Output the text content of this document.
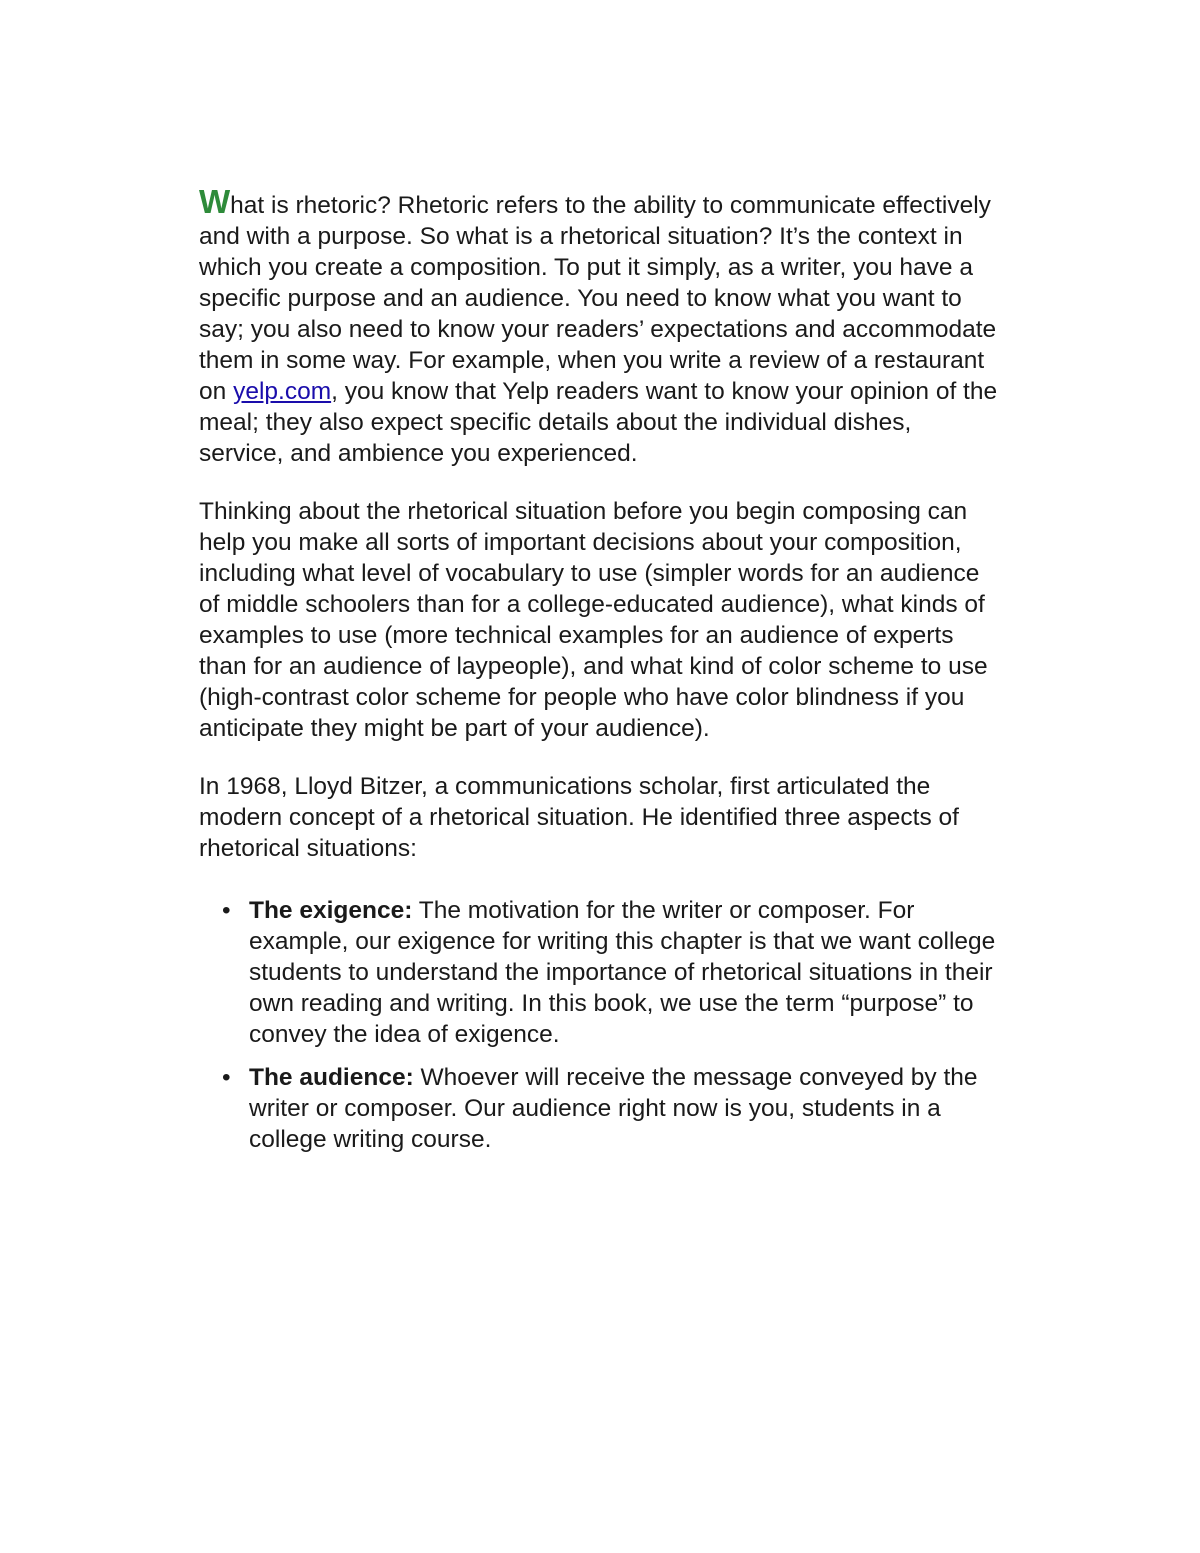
What is rhetoric? Rhetoric refers to the ability to communicate effectively and with a purpose. So what is a rhetorical situation? It’s the context in which you create a composition. To put it simply, as a writer, you have a specific purpose and an audience. You need to know what you want to say; you also need to know your readers’ expectations and accommodate them in some way. For example, when you write a review of a restaurant on yelp.com, you know that Yelp readers want to know your opinion of the meal; they also expect specific details about the individual dishes, service, and ambience you experienced.

Thinking about the rhetorical situation before you begin composing can help you make all sorts of important decisions about your composition, including what level of vocabulary to use (simpler words for an audience of middle schoolers than for a college-educated audience), what kinds of examples to use (more technical examples for an audience of experts than for an audience of laypeople), and what kind of color scheme to use (high-contrast color scheme for people who have color blindness if you anticipate they might be part of your audience).

In 1968, Lloyd Bitzer, a communications scholar, first articulated the modern concept of a rhetorical situation. He identified three aspects of rhetorical situations:

• The exigence: The motivation for the writer or composer. For example, our exigence for writing this chapter is that we want college students to understand the importance of rhetorical situations in their own reading and writing. In this book, we use the term “purpose” to convey the idea of exigence.
• The audience: Whoever will receive the message conveyed by the writer or composer. Our audience right now is you, students in a college writing course.
